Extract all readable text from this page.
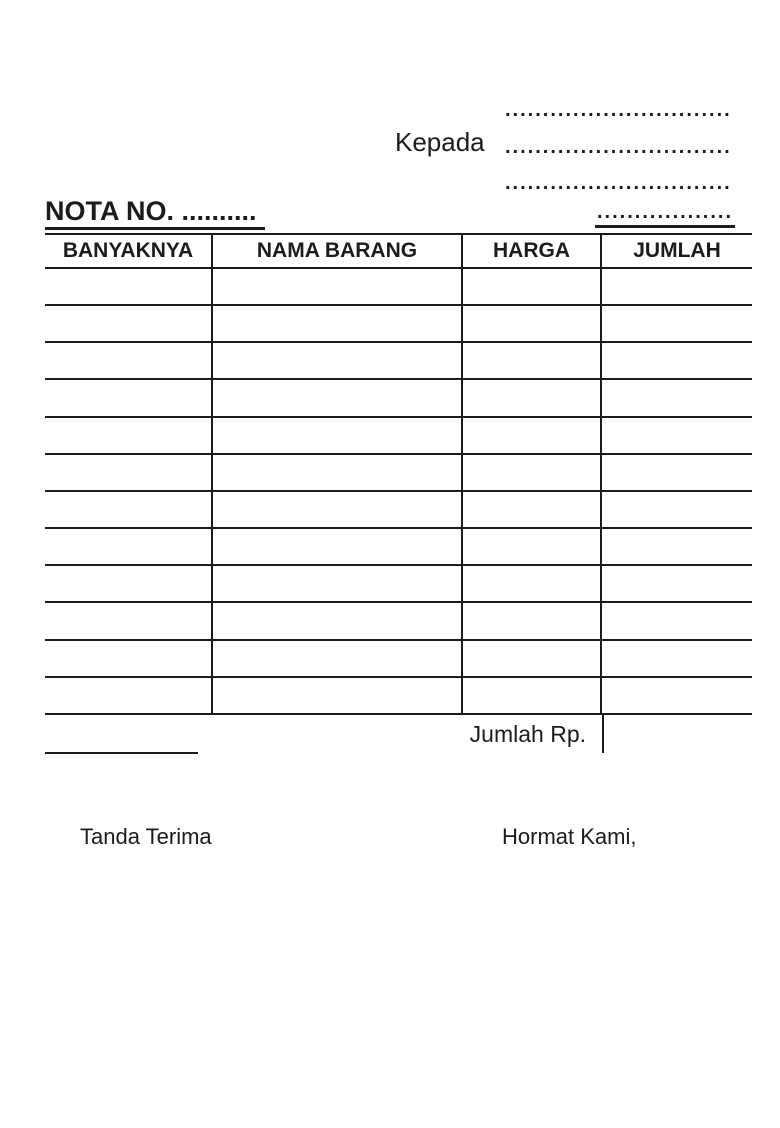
Kepada
..............................
..............................
..............................
NOTA NO. ..........	..................
BANYAKNYA	NAMA BARANG	HARGA	JUMLAH
Jumlah Rp.
Tanda Terima	Hormat Kami,
